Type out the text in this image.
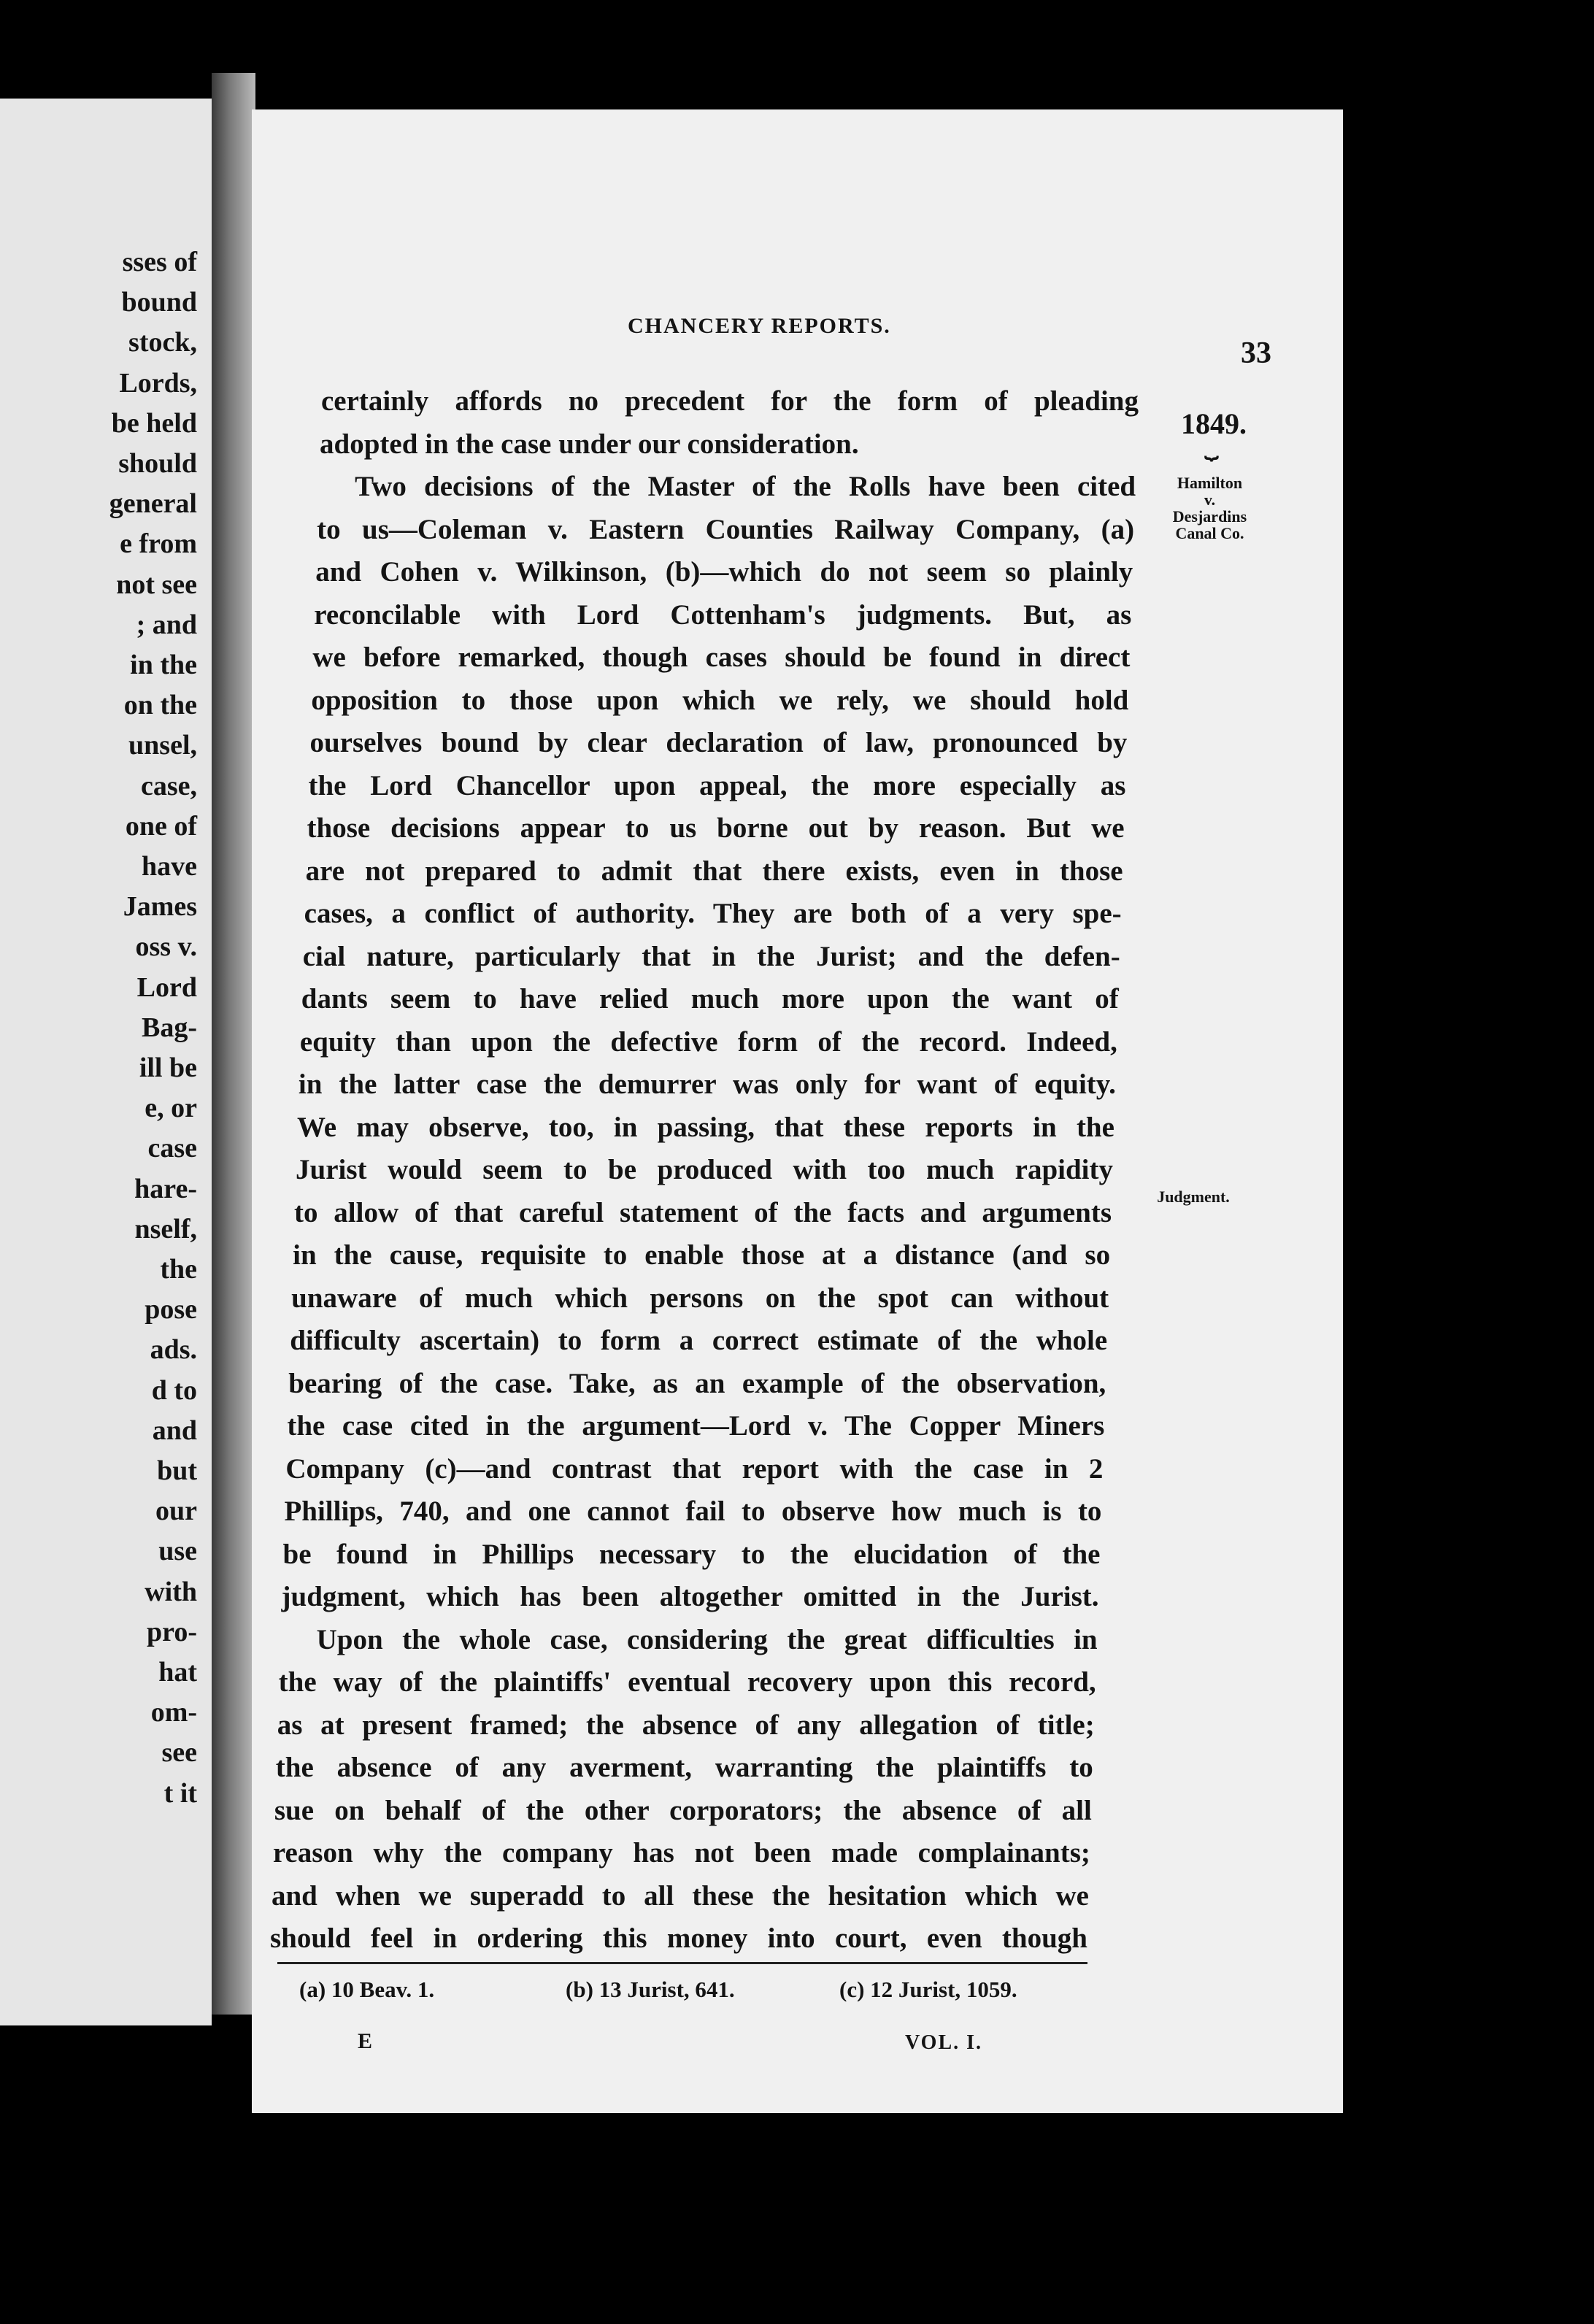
sses of
bound
stock,
Lords,
be held
should
general
e from
not see
; and
in the
on the
unsel,
case,
one of
have
James
oss v.
Lord
Bag-
ill be
e, or
case
hare-
nself,
the
pose
ads.
d to
and
but
our
use
with
pro-
hat
om-
see
t it
CHANCERY REPORTS.
33
certainly affords no precedent for the form of pleading
adopted in the case under our consideration.
Two decisions of the Master of the Rolls have been cited
to us—Coleman v. Eastern Counties Railway Company, (a)
and Cohen v. Wilkinson, (b)—which do not seem so plainly
reconcilable with Lord Cottenham's judgments. But, as
we before remarked, though cases should be found in direct
opposition to those upon which we rely, we should hold
ourselves bound by clear declaration of law, pronounced by
the Lord Chancellor upon appeal, the more especially as
those decisions appear to us borne out by reason. But we
are not prepared to admit that there exists, even in those
cases, a conflict of authority. They are both of a very spe-
cial nature, particularly that in the Jurist; and the defen-
dants seem to have relied much more upon the want of
equity than upon the defective form of the record. Indeed,
in the latter case the demurrer was only for want of equity.
We may observe, too, in passing, that these reports in the
Jurist would seem to be produced with too much rapidity
to allow of that careful statement of the facts and arguments
in the cause, requisite to enable those at a distance (and so
unaware of much which persons on the spot can without
difficulty ascertain) to form a correct estimate of the whole
bearing of the case. Take, as an example of the observation,
the case cited in the argument—Lord v. The Copper Miners
Company (c)—and contrast that report with the case in 2
Phillips, 740, and one cannot fail to observe how much is to
be found in Phillips necessary to the elucidation of the
judgment, which has been altogether omitted in the Jurist.
Upon the whole case, considering the great difficulties in
the way of the plaintiffs' eventual recovery upon this record,
as at present framed; the absence of any allegation of title;
the absence of any averment, warranting the plaintiffs to
sue on behalf of the other corporators; the absence of all
reason why the company has not been made complainants;
and when we superadd to all these the hesitation which we
should feel in ordering this money into court, even though
1849.
⏟
Hamilton
v.
Desjardins
Canal Co.
Judgment.
(a) 10 Beav. 1.	(b) 13 Jurist, 641.	(c) 12 Jurist, 1059.
E	VOL. I.
